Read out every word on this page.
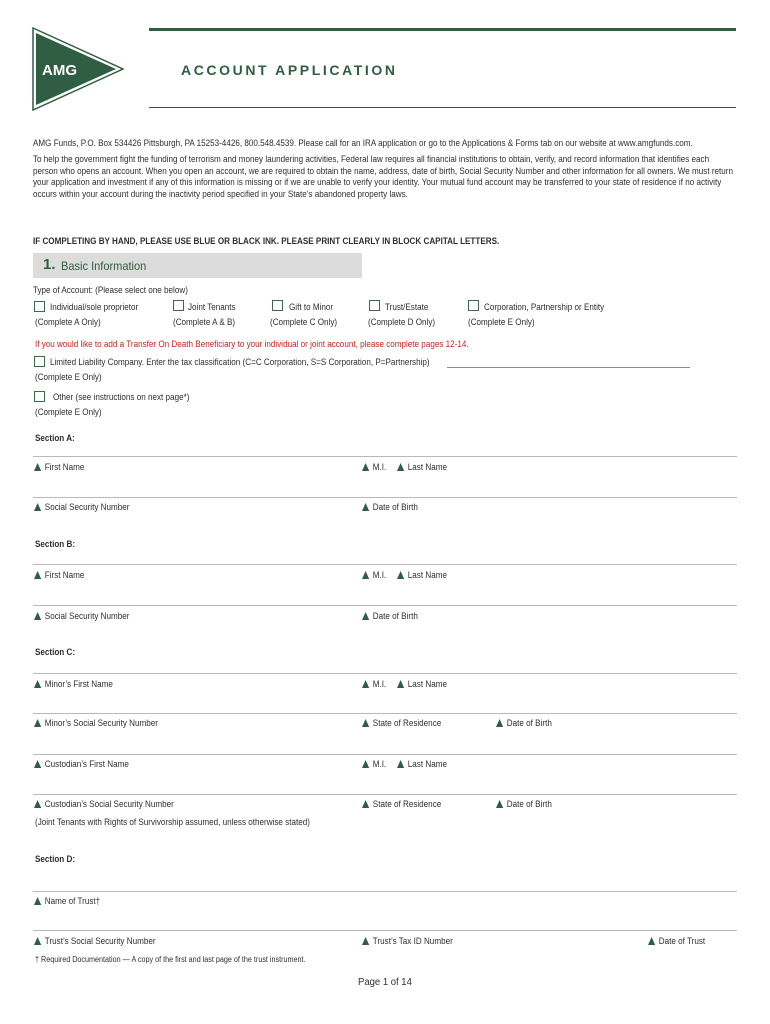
AMG	ACCOUNT APPLICATION
AMG Funds, P.O. Box 534426 Pittsburgh, PA 15253-4426, 800.548.4539. Please call for an IRA application or go to the Applications & Forms tab on our website at www.amgfunds.com.
To help the government fight the funding of terrorism and money laundering activities, Federal law requires all financial institutions to obtain, verify, and record information that identifies each person who opens an account. When you open an account, we are required to obtain the name, address, date of birth, Social Security Number and other information for all owners. We must return your application and investment if any of this information is missing or if we are unable to verify your identity. Your mutual fund account may be transferred to your state of residence if no activity occurs within your account during the inactivity period specified in your State’s abandoned property laws.
IF COMPLETING BY HAND, PLEASE USE BLUE OR BLACK INK. PLEASE PRINT CLEARLY IN BLOCK CAPITAL LETTERS.
1. Basic Information
Type of Account: (Please select one below)
Individual/sole proprietor
(Complete A Only)
Joint Tenants
(Complete A & B)
Gift to Minor
(Complete C Only)
Trust/Estate
(Complete D Only)
Corporation, Partnership or Entity
(Complete E Only)
If you would like to add a Transfer On Death Beneficiary to your individual or joint account, please complete pages 12-14.
Limited Liability Company. Enter the tax classification (C=C Corporation, S=S Corporation, P=Partnership)
(Complete E Only)
Other (see instructions on next page*)
(Complete E Only)
Section A:
First Name	M.I.	Last Name
Social Security Number	Date of Birth
Section B:
First Name	M.I.	Last Name
Social Security Number	Date of Birth
Section C:
Minor’s First Name	M.I.	Last Name
Minor’s Social Security Number	State of Residence	Date of Birth
Custodian’s First Name	M.I.	Last Name
Custodian’s Social Security Number	State of Residence	Date of Birth
(Joint Tenants with Rights of Survivorship assumed, unless otherwise stated)
Section D:
Name of Trust†
Trust’s Social Security Number	Trust’s Tax ID Number	Date of Trust
† Required Documentation — A copy of the first and last page of the trust instrument.
Page 1 of 14
